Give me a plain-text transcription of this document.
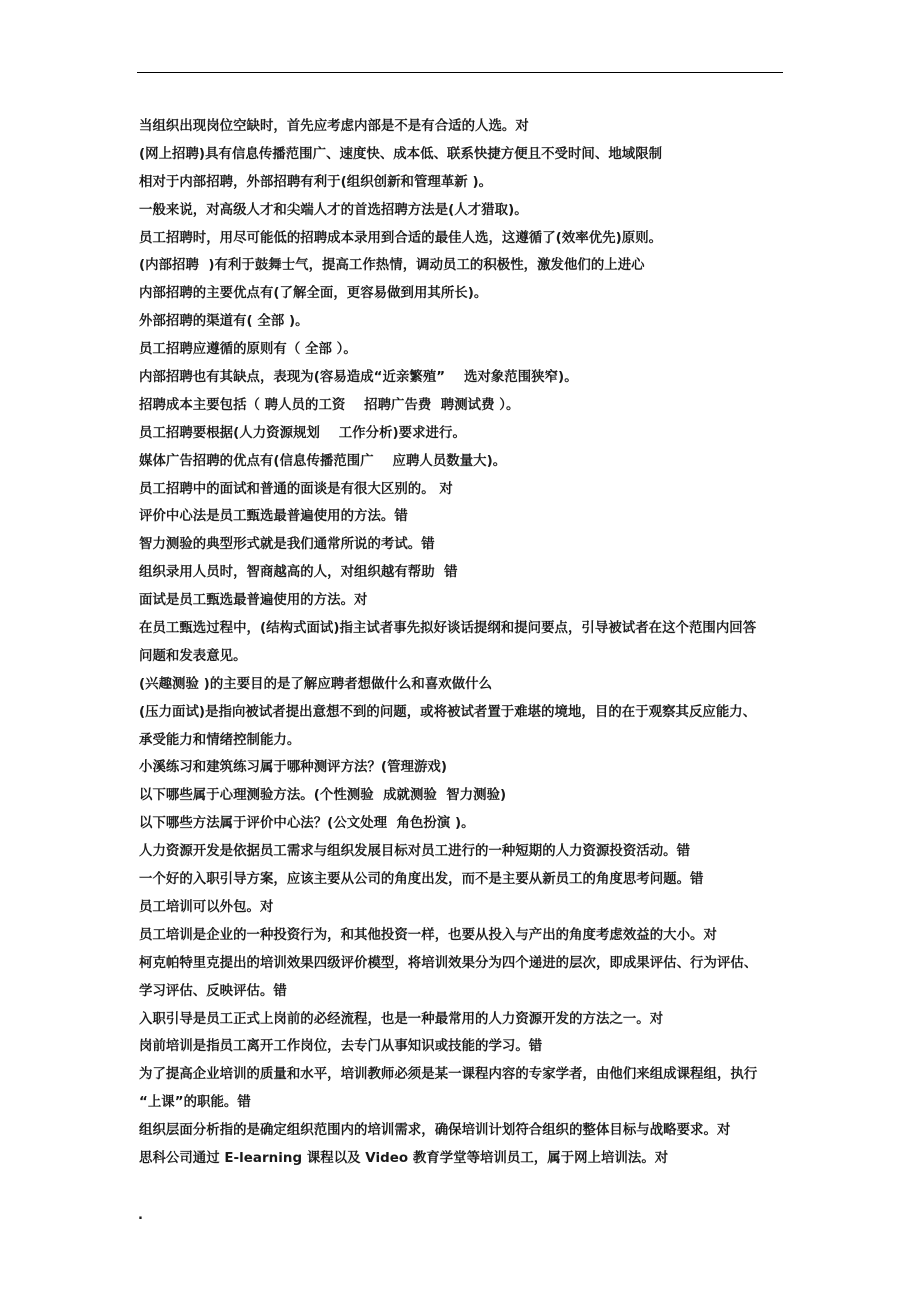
当组织出现岗位空缺时，首先应考虑内部是不是有合适的人选。对
(网上招聘)具有信息传播范围广、速度快、成本低、联系快捷方便且不受时间、地域限制
相对于内部招聘，外部招聘有利于(组织创新和管理革新 )。
一般来说，对高级人才和尖端人才的首选招聘方法是(人才猎取)。
员工招聘时，用尽可能低的招聘成本录用到合适的最佳人选，这遵循了(效率优先)原则。
(内部招聘  )有利于鼓舞士气，提高工作热情，调动员工的积极性，激发他们的上进心
内部招聘的主要优点有(了解全面，更容易做到用其所长)。
外部招聘的渠道有( 全部 )。
员工招聘应遵循的原则有（ 全部 ）。
内部招聘也有其缺点，表现为(容易造成“近亲繁殖”    选对象范围狭窄)。
招聘成本主要包括（ 聘人员的工资    招聘广告费  聘测试费 ）。
员工招聘要根据(人力资源规划    工作分析)要求进行。
媒体广告招聘的优点有(信息传播范围广    应聘人员数量大)。
员工招聘中的面试和普通的面谈是有很大区别的。 对
评价中心法是员工甄选最普遍使用的方法。错
智力测验的典型形式就是我们通常所说的考试。错
组织录用人员时，智商越高的人，对组织越有帮助  错
面试是员工甄选最普遍使用的方法。对
在员工甄选过程中，(结构式面试)指主试者事先拟好谈话提纲和提问要点，引导被试者在这个范围内回答
问题和发表意见。
(兴趣测验 )的主要目的是了解应聘者想做什么和喜欢做什么
(压力面试)是指向被试者提出意想不到的问题，或将被试者置于难堪的境地，目的在于观察其反应能力、
承受能力和情绪控制能力。
小溪练习和建筑练习属于哪种测评方法？(管理游戏)
以下哪些属于心理测验方法。(个性测验  成就测验  智力测验)
以下哪些方法属于评价中心法？(公文处理  角色扮演 )。
人力资源开发是依据员工需求与组织发展目标对员工进行的一种短期的人力资源投资活动。错
一个好的入职引导方案，应该主要从公司的角度出发，而不是主要从新员工的角度思考问题。错
员工培训可以外包。对
员工培训是企业的一种投资行为，和其他投资一样，也要从投入与产出的角度考虑效益的大小。对
柯克帕特里克提出的培训效果四级评价模型，将培训效果分为四个递进的层次，即成果评估、行为评估、
学习评估、反映评估。错
入职引导是员工正式上岗前的必经流程，也是一种最常用的人力资源开发的方法之一。对
岗前培训是指员工离开工作岗位，去专门从事知识或技能的学习。错
为了提高企业培训的质量和水平，培训教师必须是某一课程内容的专家学者，由他们来组成课程组，执行
“上课”的职能。错
组织层面分析指的是确定组织范围内的培训需求，确保培训计划符合组织的整体目标与战略要求。对
思科公司通过 E-learning 课程以及 Video 教育学堂等培训员工，属于网上培训法。对
.
